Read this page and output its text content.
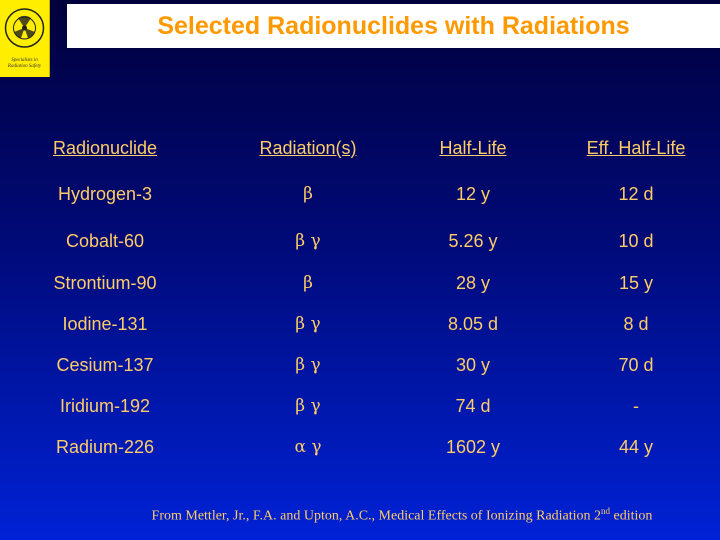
Specialists in
Radiation Safety
Selected Radionuclides with Radiations
Radionuclide	Radiation(s)	Half-Life	Eff. Half-Life
Hydrogen-3	β	12 y	12 d
Cobalt-60	β γ	5.26 y	10 d
Strontium-90	β	28 y	15 y
Iodine-131	β γ	8.05 d	8 d
Cesium-137	β γ	30 y	70 d
Iridium-192	β γ	74 d	-
Radium-226	α γ	1602 y	44 y
From Mettler, Jr., F.A. and Upton, A.C., Medical Effects of Ionizing Radiation 2nd edition
